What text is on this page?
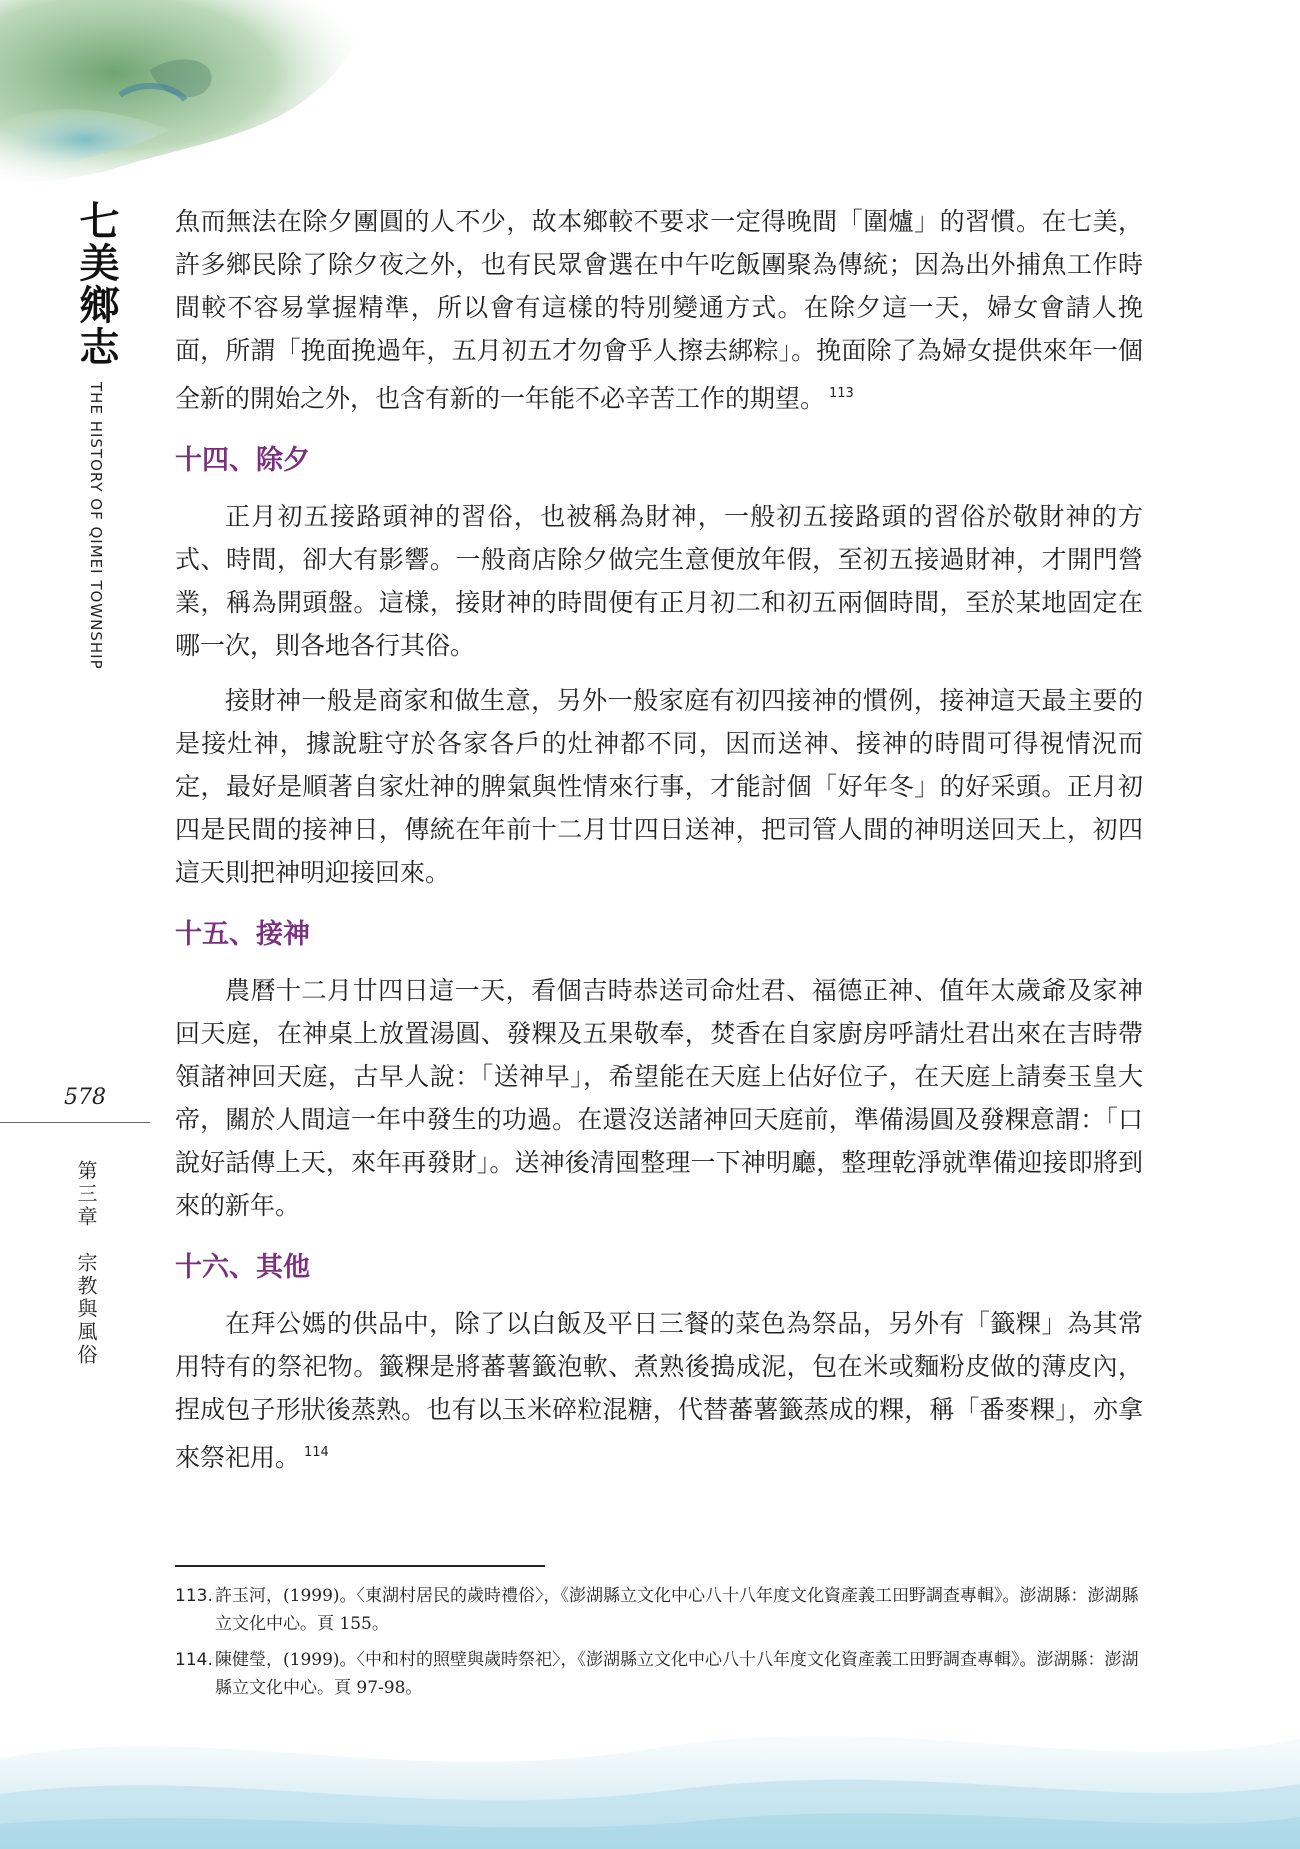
七美鄉志
THE HISTORY OF QIMEI TOWNSHIP
578
第三章　宗教與風俗

魚而無法在除夕團圓的人不少，故本鄉較不要求一定得晚間「圍爐」的習慣。在七美，許多鄉民除了除夕夜之外，也有民眾會選在中午吃飯團聚為傳統；因為出外捕魚工作時間較不容易掌握精準，所以會有這樣的特別變通方式。在除夕這一天，婦女會請人挽面，所謂「挽面挽過年，五月初五才勿會乎人擦去綁粽」。挽面除了為婦女提供來年一個全新的開始之外，也含有新的一年能不必辛苦工作的期望。 $^{113}$

十四、除夕

正月初五接路頭神的習俗，也被稱為財神，一般初五接路頭的習俗於敬財神的方式、時間，卻大有影響。一般商店除夕做完生意便放年假，至初五接過財神，才開門營業，稱為開頭盤。這樣，接財神的時間便有正月初二和初五兩個時間，至於某地固定在哪一次，則各地各行其俗。

接財神一般是商家和做生意，另外一般家庭有初四接神的慣例，接神這天最主要的是接灶神，據說駐守於各家各戶的灶神都不同，因而送神、接神的時間可得視情況而定，最好是順著自家灶神的脾氣與性情來行事，才能討個「好年冬」的好采頭。正月初四是民間的接神日，傳統在年前十二月廿四日送神，把司管人間的神明送回天上，初四這天則把神明迎接回來。

十五、接神

農曆十二月廿四日這一天，看個吉時恭送司命灶君、福德正神、值年太歲爺及家神回天庭，在神桌上放置湯圓、發粿及五果敬奉，焚香在自家廚房呼請灶君出來在吉時帶領諸神回天庭，古早人說：「送神早」，希望能在天庭上佔好位子，在天庭上請奏玉皇大帝，關於人間這一年中發生的功過。在還沒送諸神回天庭前，準備湯圓及發粿意謂：「口說好話傳上天，來年再發財」。送神後清囤整理一下神明廳，整理乾淨就準備迎接即將到來的新年。

十六、其他

在拜公媽的供品中，除了以白飯及平日三餐的菜色為祭品，另外有「籤粿」為其常用特有的祭祀物。籤粿是將蕃薯籤泡軟、煮熟後搗成泥，包在米或麵粉皮做的薄皮內，捏成包子形狀後蒸熟。也有以玉米碎粒混糖，代替蕃薯籤蒸成的粿，稱「番麥粿」，亦拿來祭祀用。 $^{114}$

113. 許玉河，(1999)。〈東湖村居民的歲時禮俗〉，《澎湖縣立文化中心八十八年度文化資產義工田野調查專輯》。澎湖縣：澎湖縣立文化中心。頁 155。
114. 陳健瑩，(1999)。〈中和村的照壁與歲時祭祀〉，《澎湖縣立文化中心八十八年度文化資產義工田野調查專輯》。澎湖縣：澎湖縣立文化中心。頁 97-98。
